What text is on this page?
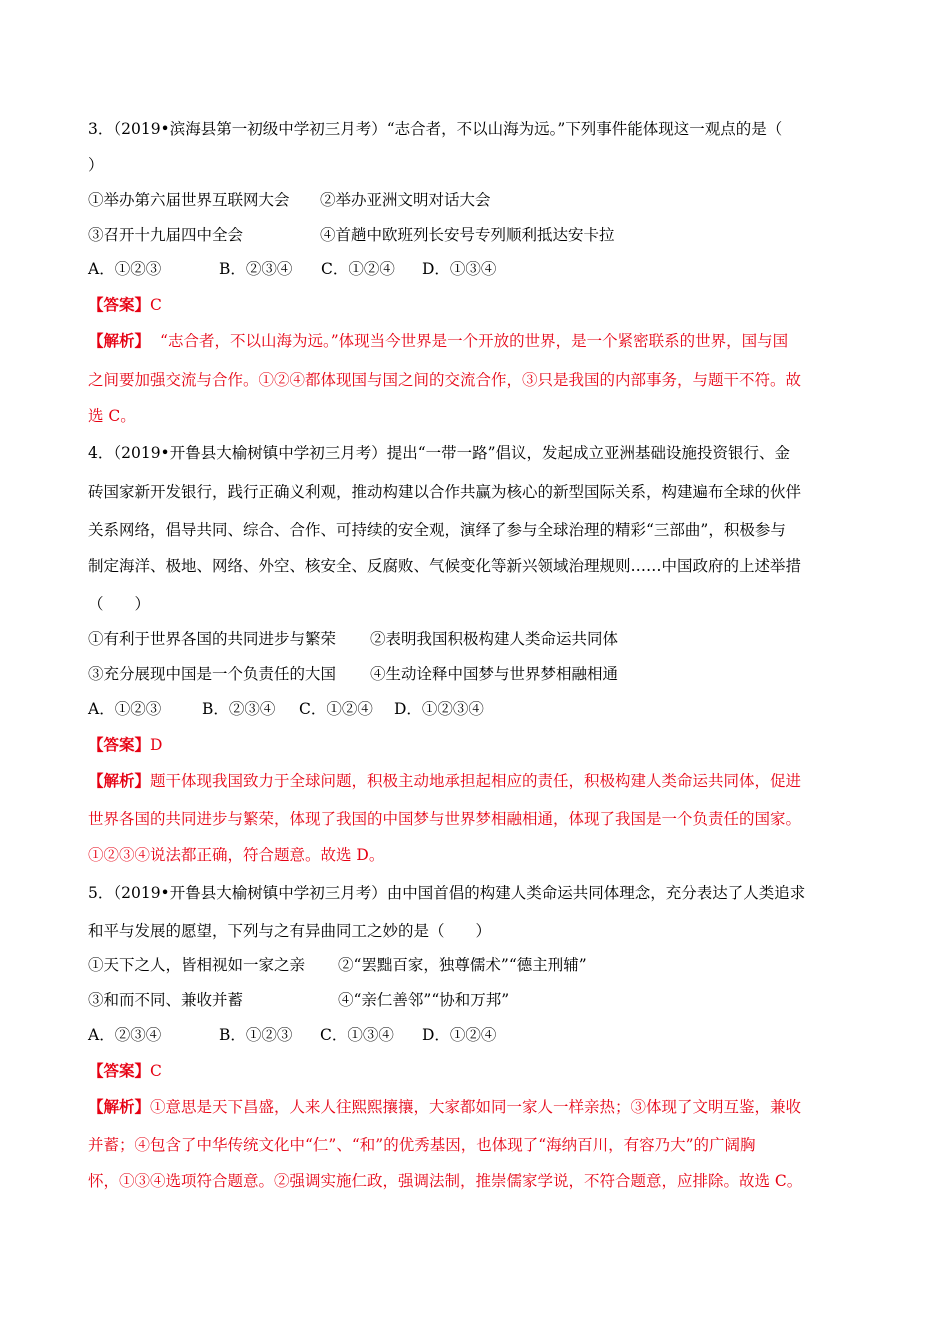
3．（2019•滨海县第一初级中学初三月考）“志合者，不以山海为远。”下列事件能体现这一观点的是（
）
①举办第六届世界互联网大会 ②举办亚洲文明对话大会
③召开十九届四中全会	④首趟中欧班列长安号专列顺利抵达安卡拉
A．①②③	B．②③④ C．①②④ D．①③④
【答案】C
【解析】 “志合者，不以山海为远。”体现当今世界是一个开放的世界，是一个紧密联系的世界，国与国
之间要加强交流与合作。①②④都体现国与国之间的交流合作，③只是我国的内部事务，与题干不符。故
选 C。
4．（2019•开鲁县大榆树镇中学初三月考）提出“一带一路”倡议，发起成立亚洲基础设施投资银行、金
砖国家新开发银行，践行正确义利观，推动构建以合作共赢为核心的新型国际关系，构建遍布全球的伙伴
关系网络，倡导共同、综合、合作、可持续的安全观，演绎了参与全球治理的精彩“三部曲”，积极参与
制定海洋、极地、网络、外空、核安全、反腐败、气候变化等新兴领域治理规则……中国政府的上述举措
（　　）
①有利于世界各国的共同进步与繁荣 ②表明我国积极构建人类命运共同体
③充分展现中国是一个负责任的大国 ④生动诠释中国梦与世界梦相融相通
A．①②③	B．②③④ C．①②④ D．①②③④
【答案】D
【解析】题干体现我国致力于全球问题，积极主动地承担起相应的责任，积极构建人类命运共同体，促进
世界各国的共同进步与繁荣，体现了我国的中国梦与世界梦相融相通，体现了我国是一个负责任的国家。
①②③④说法都正确，符合题意。故选 D。
5．（2019•开鲁县大榆树镇中学初三月考）由中国首倡的构建人类命运共同体理念，充分表达了人类追求
和平与发展的愿望，下列与之有异曲同工之妙的是（　　）
①天下之人，皆相视如一家之亲 ②“罢黜百家，独尊儒术”“德主刑辅”
③和而不同、兼收并蓄	④“亲仁善邻”“协和万邦”
A．②③④	B．①②③ C．①③④ D．①②④
【答案】C
【解析】①意思是天下昌盛，人来人往熙熙攘攘，大家都如同一家人一样亲热；③体现了文明互鉴，兼收
并蓄；④包含了中华传统文化中“仁”、“和”的优秀基因，也体现了“海纳百川，有容乃大”的广阔胸
怀，①③④选项符合题意。②强调实施仁政，强调法制，推崇儒家学说，不符合题意，应排除。故选 C。
